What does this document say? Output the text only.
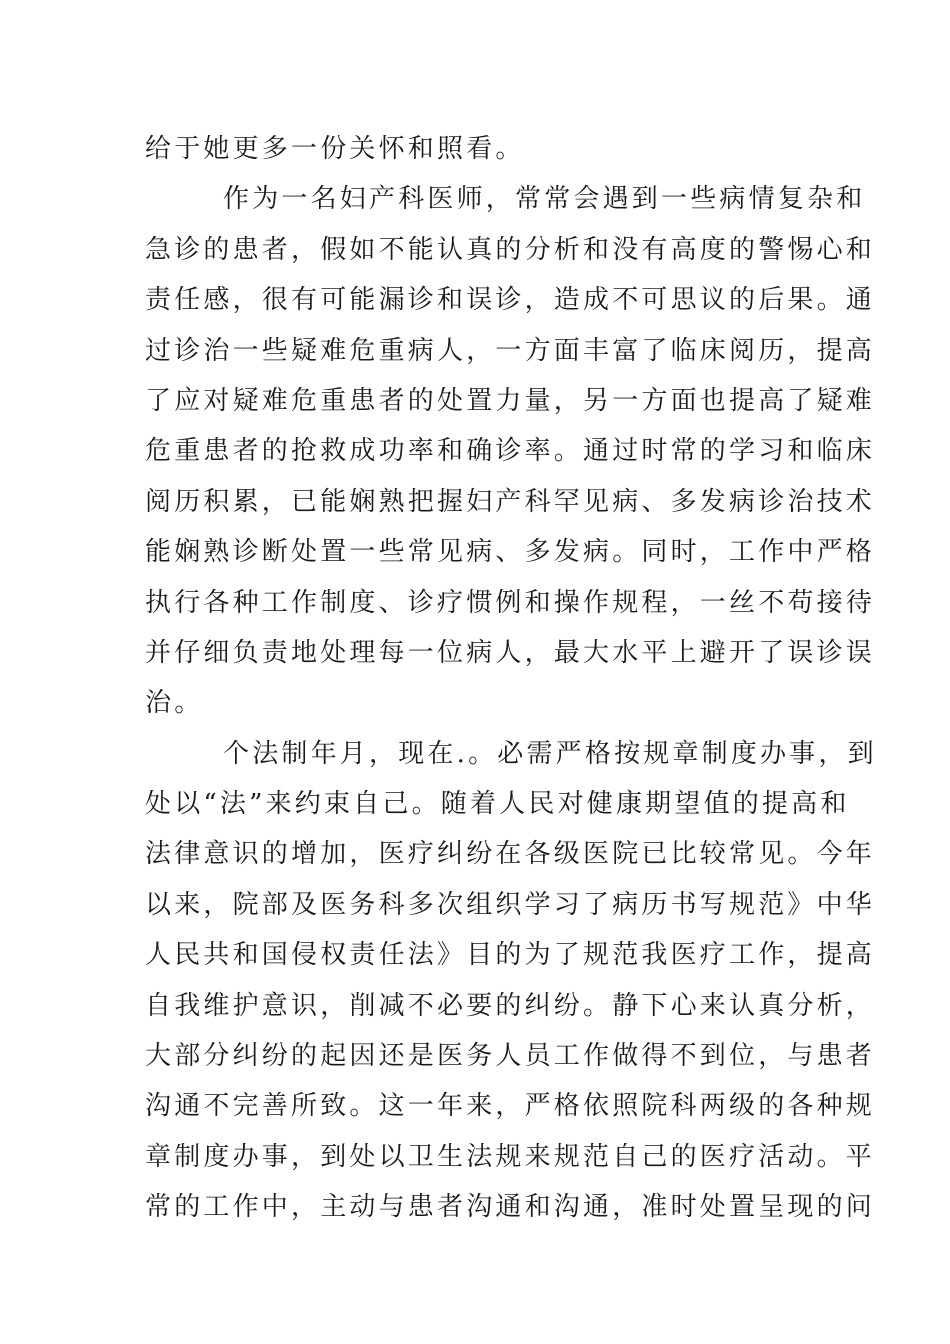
给于她更多一份关怀和照看。
作为一名妇产科医师，常常会遇到一些病情复杂和
急诊的患者，假如不能认真的分析和没有高度的警惕心和
责任感，很有可能漏诊和误诊，造成不可思议的后果。通
过诊治一些疑难危重病人，一方面丰富了临床阅历，提高
了应对疑难危重患者的处置力量，另一方面也提高了疑难
危重患者的抢救成功率和确诊率。通过时常的学习和临床
阅历积累，已能娴熟把握妇产科罕见病、多发病诊治技术
能娴熟诊断处置一些常见病、多发病。同时，工作中严格
执行各种工作制度、诊疗惯例和操作规程，一丝不苟接待
并仔细负责地处理每一位病人，最大水平上避开了误诊误
治。
个法制年月，现在.。必需严格按规章制度办事，到
处以“法”来约束自己。随着人民对健康期望值的提高和
法律意识的增加，医疗纠纷在各级医院已比较常见。今年
以来，院部及医务科多次组织学习了病历书写规范》中华
人民共和国侵权责任法》目的为了规范我医疗工作，提高
自我维护意识，削减不必要的纠纷。静下心来认真分析，
大部分纠纷的起因还是医务人员工作做得不到位，与患者
沟通不完善所致。这一年来，严格依照院科两级的各种规
章制度办事，到处以卫生法规来规范自己的医疗活动。平
常的工作中，主动与患者沟通和沟通，准时处置呈现的问
